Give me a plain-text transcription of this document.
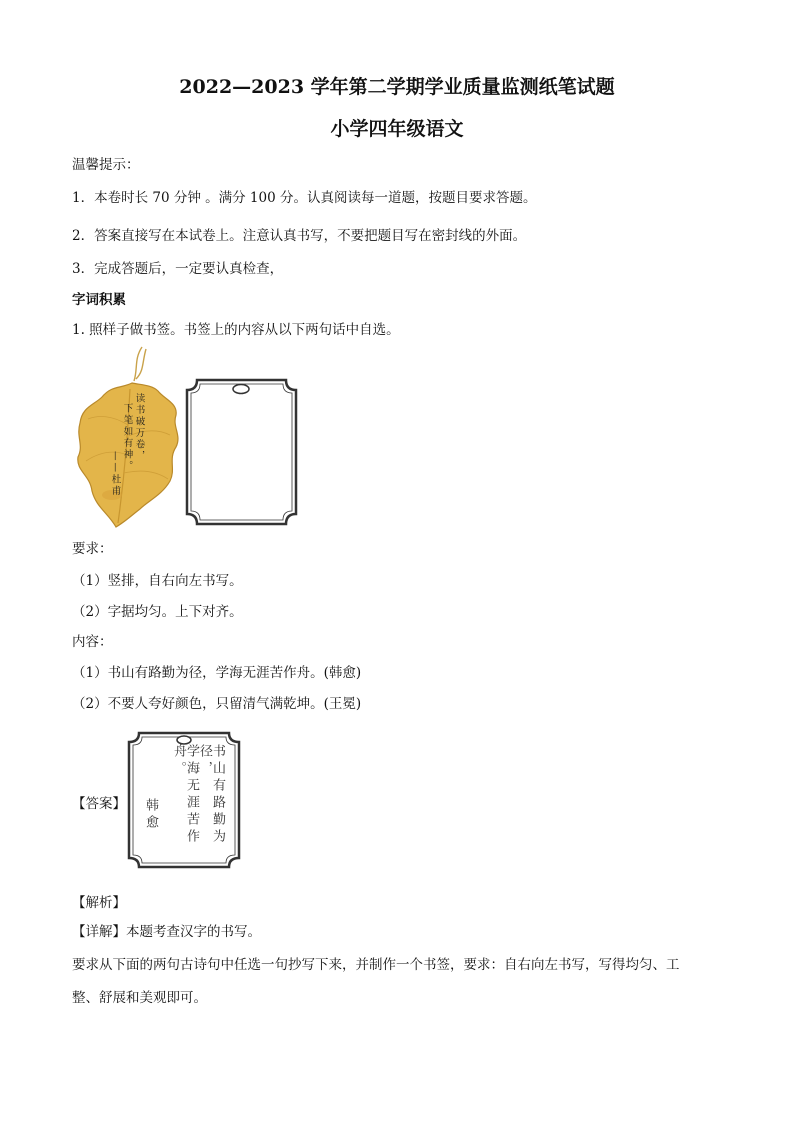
2022—2023 学年第二学期学业质量监测纸笔试题
小学四年级语文
温馨提示：
1．本卷时长 70 分钟 。满分 100 分。认真阅读每一道题，按题目要求答题。
2．答案直接写在本试卷上。注意认真书写，不要把题目写在密封线的外面。
3．完成答题后，一定要认真检查，
字词积累
1. 照样子做书签。书签上的内容从以下两句话中自选。
读书破万卷，
下笔如有神。
——杜甫
要求：
（1）竖排，自右向左书写。
（2）字据均匀。上下对齐。
内容：
（1）书山有路勤为径，学海无涯苦作舟。(韩愈)
（2）不要人夸好颜色，只留清气满乾坤。(王冕)
【答案】	书山有路勤为径，
学海无涯苦作舟。
韩愈
【解析】
【详解】本题考查汉字的书写。
要求从下面的两句古诗句中任选一句抄写下来，并制作一个书签，要求：自右向左书写，写得均匀、工
整、舒展和美观即可。
